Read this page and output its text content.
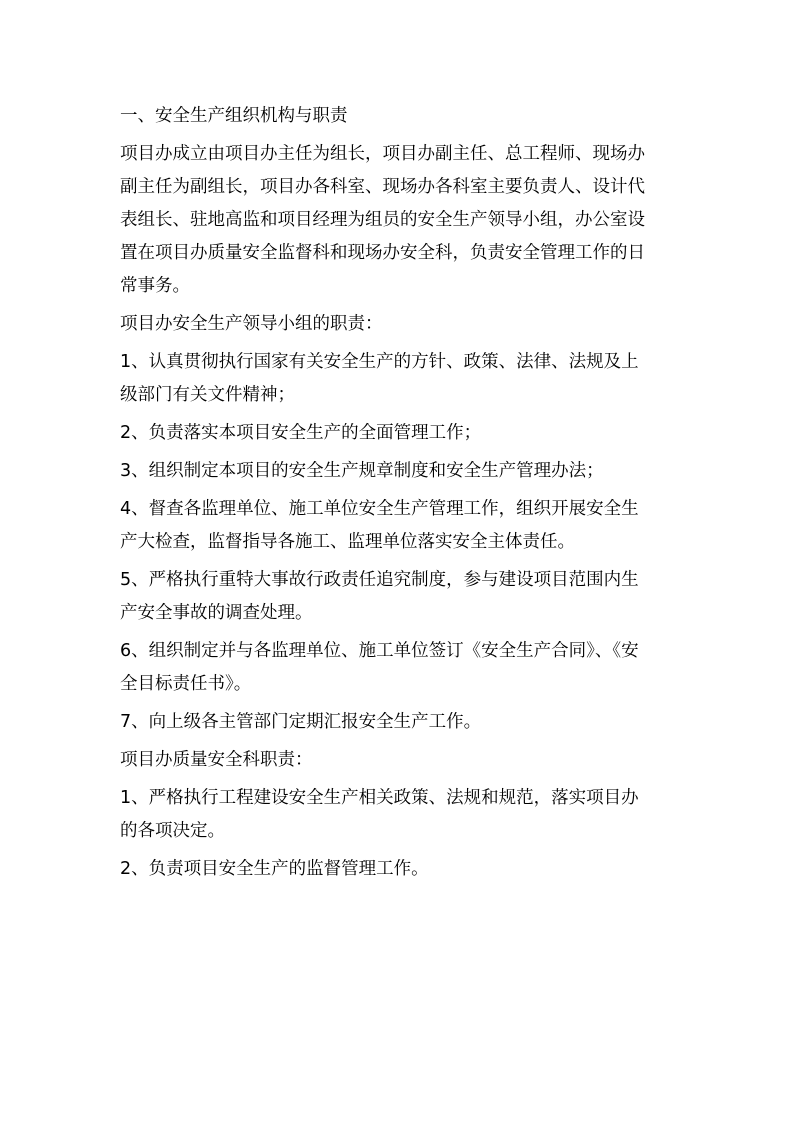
一、安全生产组织机构与职责

项目办成立由项目办主任为组长，项目办副主任、总工程师、现场办

副主任为副组长，项目办各科室、现场办各科室主要负责人、设计代

表组长、驻地高监和项目经理为组员的安全生产领导小组，办公室设

置在项目办质量安全监督科和现场办安全科，负责安全管理工作的日

常事务。

项目办安全生产领导小组的职责：

1、认真贯彻执行国家有关安全生产的方针、政策、法律、法规及上

级部门有关文件精神；

2、负责落实本项目安全生产的全面管理工作；

3、组织制定本项目的安全生产规章制度和安全生产管理办法；

4、督查各监理单位、施工单位安全生产管理工作，组织开展安全生

产大检查，监督指导各施工、监理单位落实安全主体责任。

5、严格执行重特大事故行政责任追究制度，参与建设项目范围内生

产安全事故的调查处理。

6、组织制定并与各监理单位、施工单位签订《安全生产合同》、《安

全目标责任书》。

7、向上级各主管部门定期汇报安全生产工作。

项目办质量安全科职责：

1、严格执行工程建设安全生产相关政策、法规和规范，落实项目办

的各项决定。

2、负责项目安全生产的监督管理工作。
